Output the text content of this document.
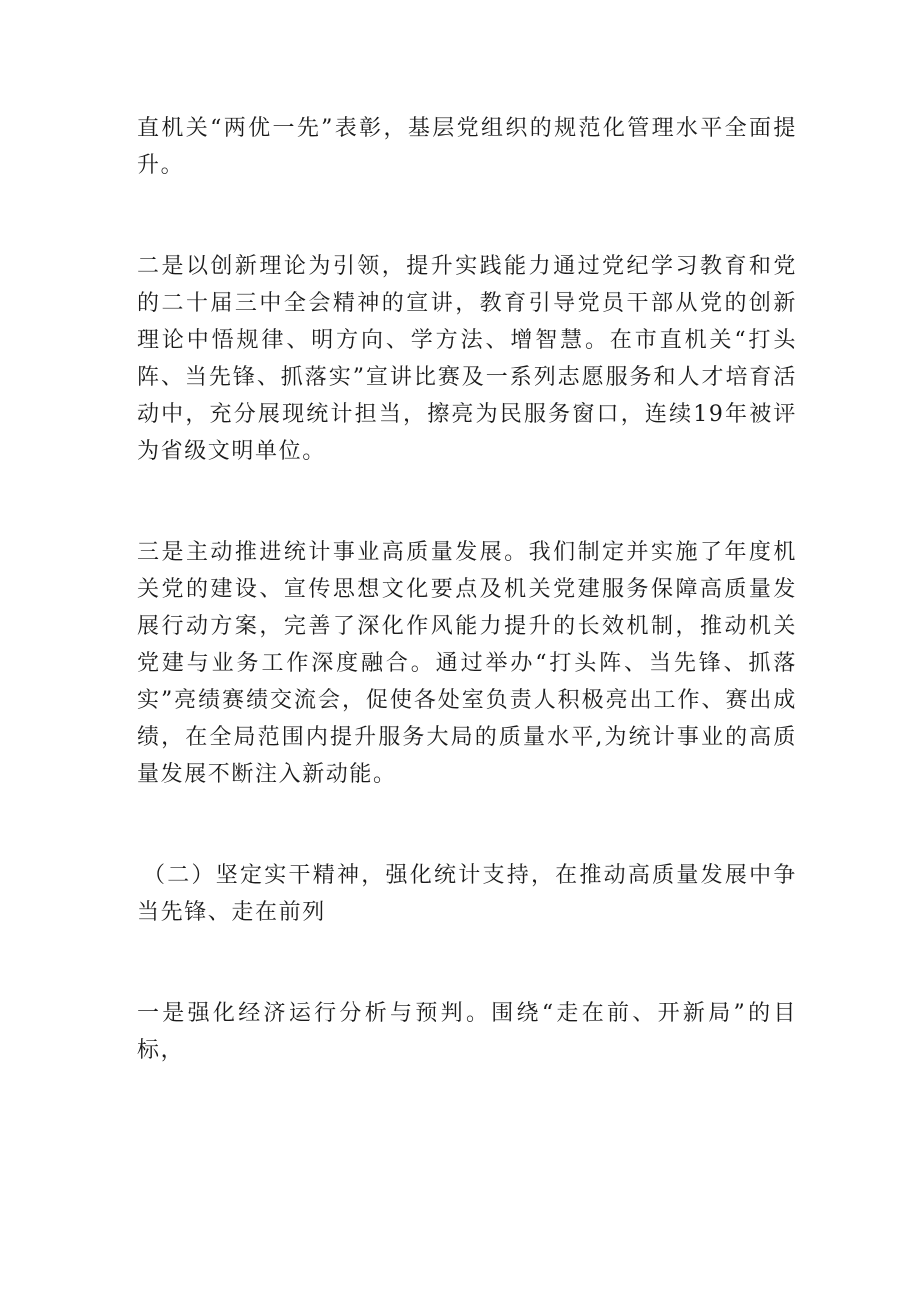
直机关“两优一先”表彰，基层党组织的规范化管理水平全面提升。

二是以创新理论为引领，提升实践能力通过党纪学习教育和党的二十届三中全会精神的宣讲，教育引导党员干部从党的创新理论中悟规律、明方向、学方法、增智慧。在市直机关“打头阵、当先锋、抓落实”宣讲比赛及一系列志愿服务和人才培育活动中，充分展现统计担当，擦亮为民服务窗口，连续19年被评为省级文明单位。

三是主动推进统计事业高质量发展。我们制定并实施了年度机关党的建设、宣传思想文化要点及机关党建服务保障高质量发展行动方案，完善了深化作风能力提升的长效机制，推动机关党建与业务工作深度融合。通过举办“打头阵、当先锋、抓落实”亮绩赛绩交流会，促使各处室负责人积极亮出工作、赛出成绩，在全局范围内提升服务大局的质量水平,为统计事业的高质量发展不断注入新动能。

（二）坚定实干精神，强化统计支持，在推动高质量发展中争当先锋、走在前列

一是强化经济运行分析与预判。围绕“走在前、开新局”的目标，
